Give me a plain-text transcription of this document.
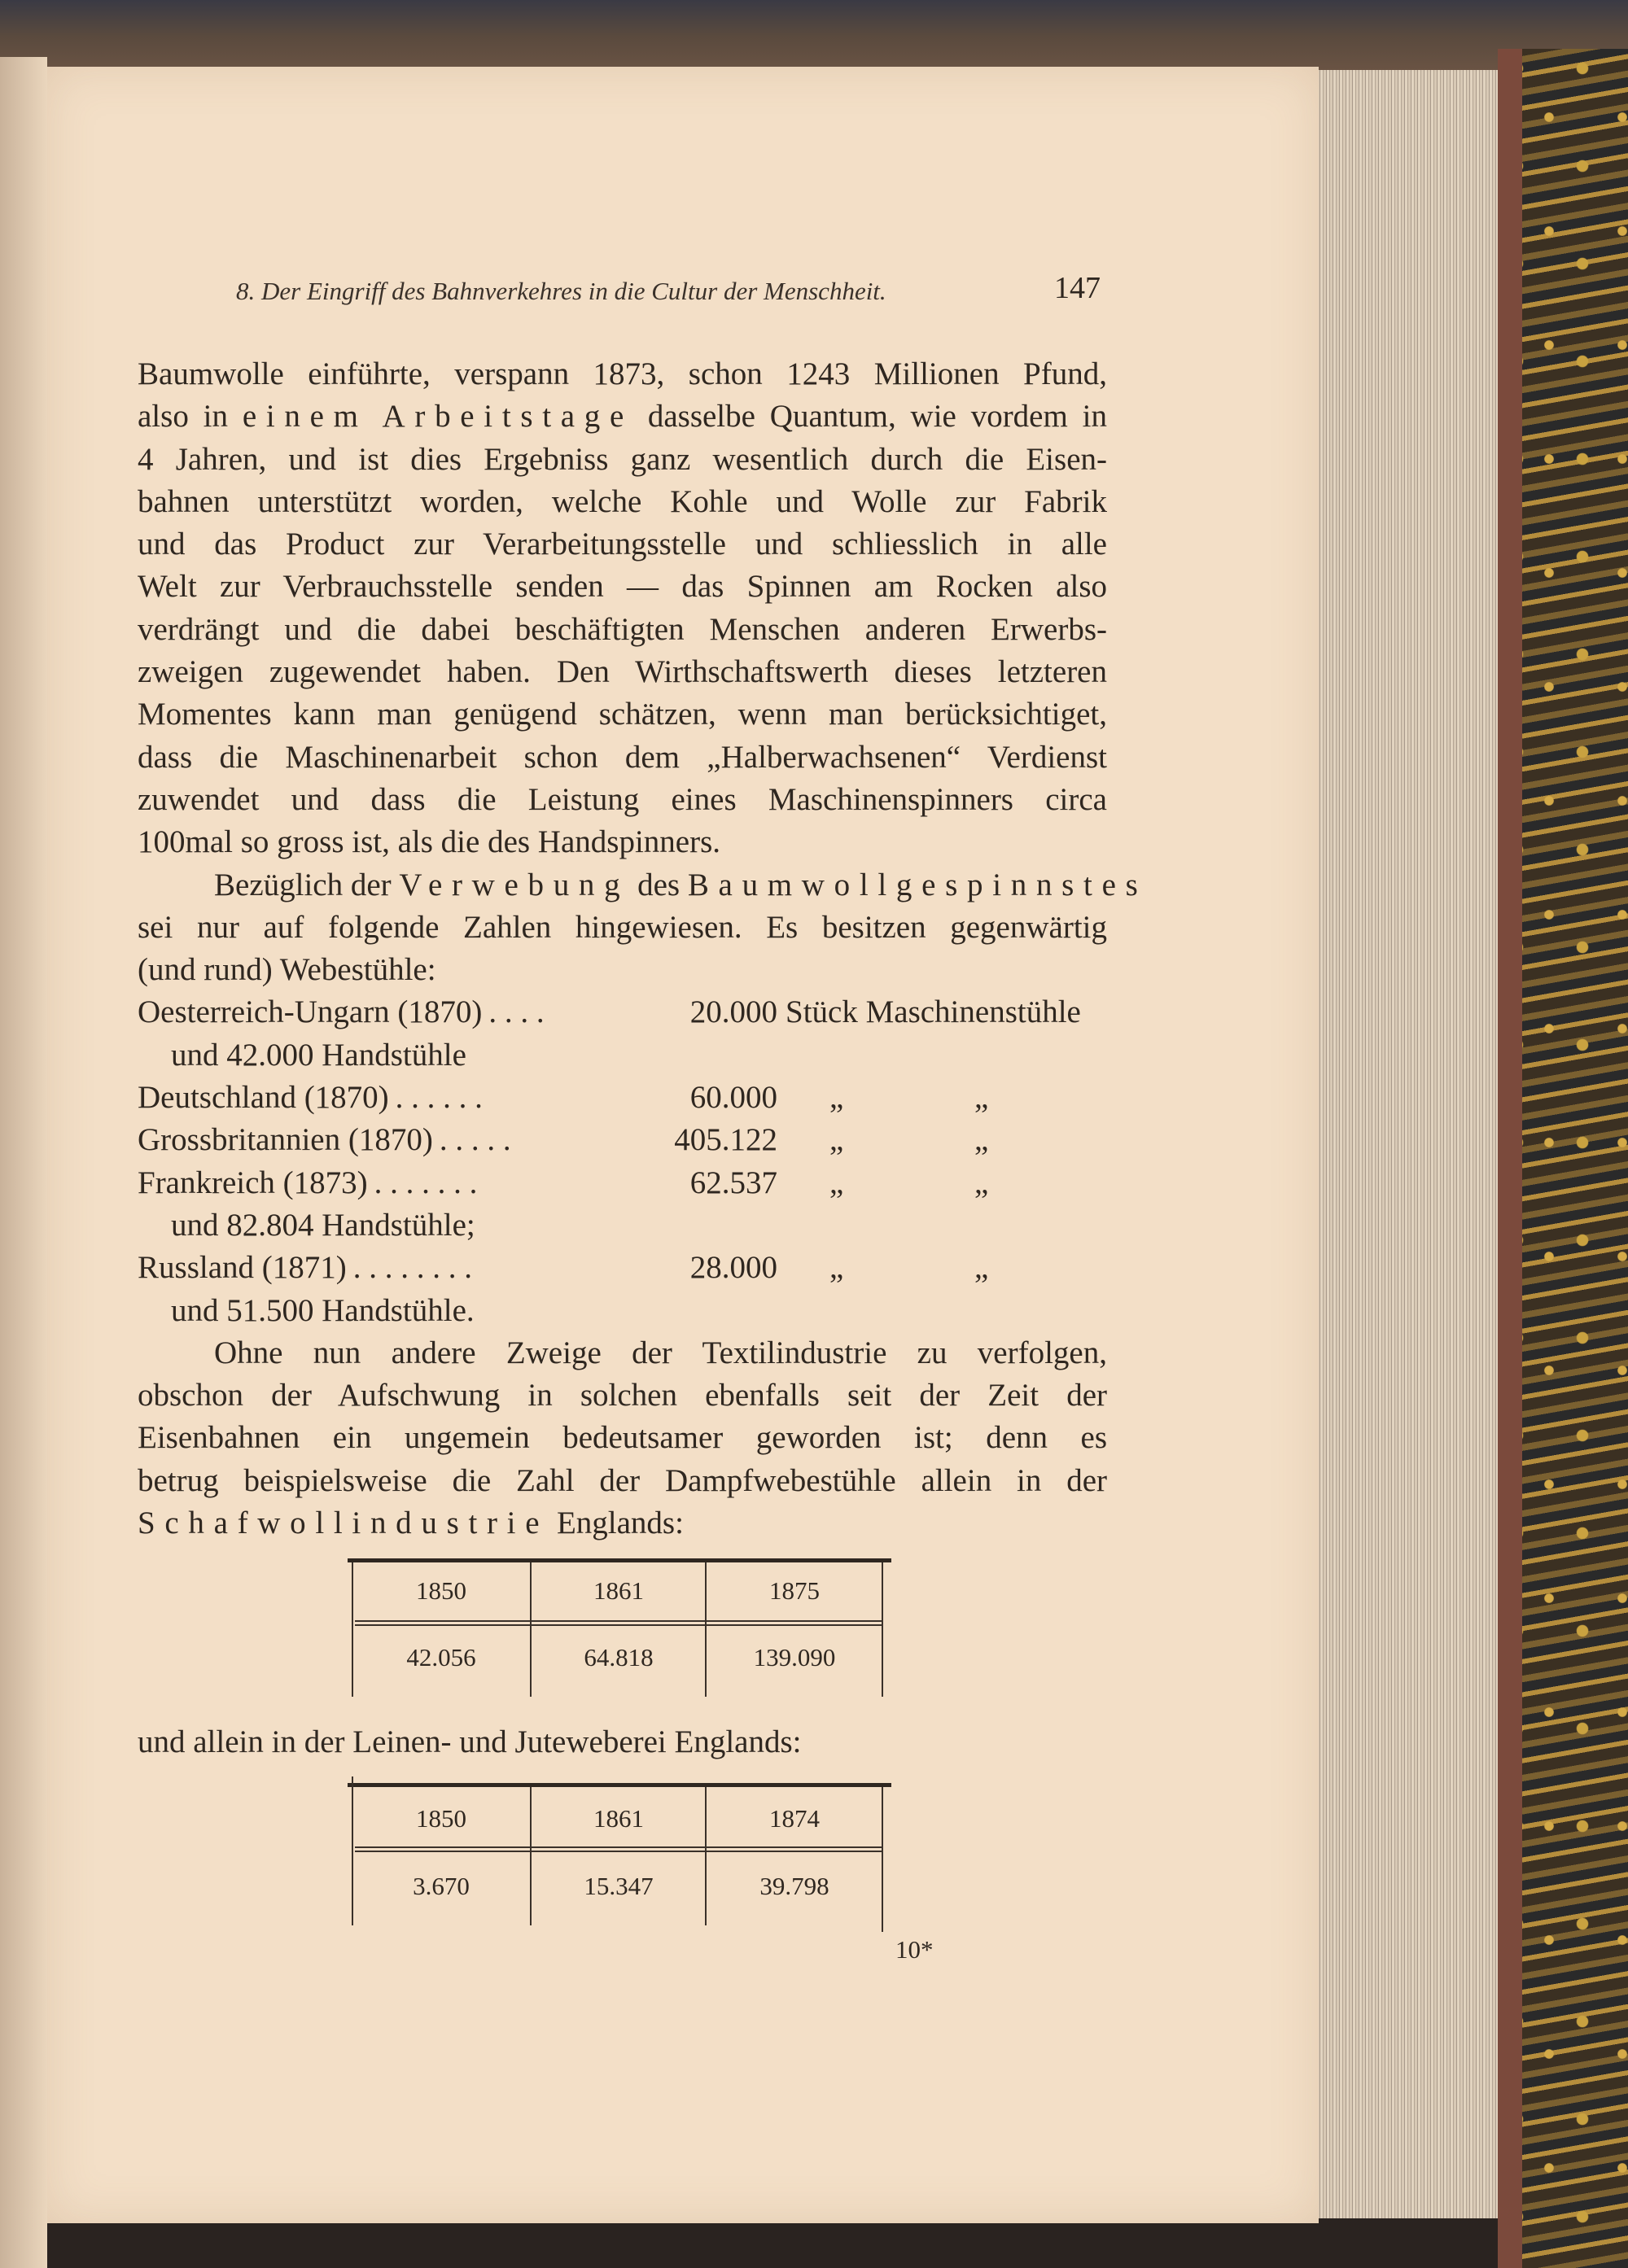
8. Der Eingriff des Bahnverkehres in die Cultur der Menschheit.	147
Baumwolle einführte, verspann 1873, schon 1243 Millionen Pfund,
also in einem Arbeitstage dasselbe Quantum, wie vordem in
4 Jahren, und ist dies Ergebniss ganz wesentlich durch die Eisen-
bahnen unterstützt worden, welche Kohle und Wolle zur Fabrik
und das Product zur Verarbeitungsstelle und schliesslich in alle
Welt zur Verbrauchsstelle senden — das Spinnen am Rocken also
verdrängt und die dabei beschäftigten Menschen anderen Erwerbs-
zweigen zugewendet haben. Den Wirthschaftswerth dieses letzteren
Momentes kann man genügend schätzen, wenn man berücksichtiget,
dass die Maschinenarbeit schon dem „Halberwachsenen“ Verdienst
zuwendet und dass die Leistung eines Maschinenspinners circa
100mal so gross ist, als die des Handspinners.
Bezüglich der Verwebung des Baumwollgespinnstes
sei nur auf folgende Zahlen hingewiesen. Es besitzen gegenwärtig
(und rund) Webestühle:
Oesterreich-Ungarn (1870) . . . .	20.000 Stück Maschinenstühle
und 42.000 Handstühle
Deutschland (1870) . . . . . .	60.000 „	„
Grossbritannien (1870) . . . . .	405.122 „	„
Frankreich (1873) . . . . . . .	62.537 „	„
und 82.804 Handstühle;
Russland (1871) . . . . . . . .	28.000 „	„
und 51.500 Handstühle.
Ohne nun andere Zweige der Textilindustrie zu verfolgen,
obschon der Aufschwung in solchen ebenfalls seit der Zeit der
Eisenbahnen ein ungemein bedeutsamer geworden ist; denn es
betrug beispielsweise die Zahl der Dampfwebestühle allein in der
Schafwollindustrie Englands:
1850	1861	1875
42.056	64.818	139.090
und allein in der Leinen- und Juteweberei Englands:
1850	1861	1874
3.670	15.347	39.798
10*
